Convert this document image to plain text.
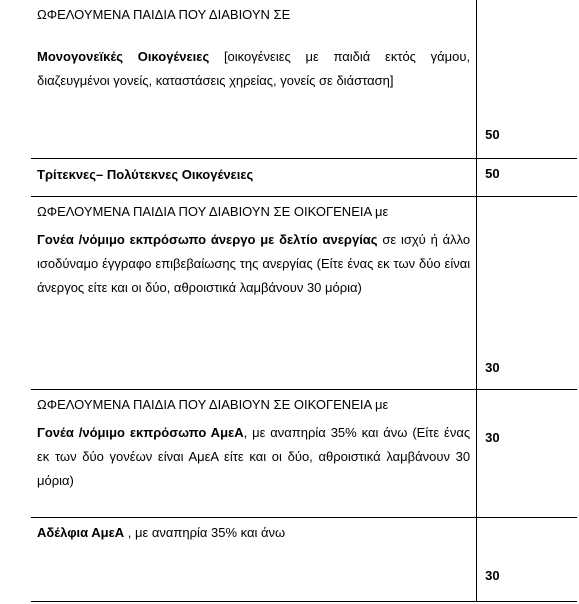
ΩΦΕΛΟΥΜΕΝΑ ΠΑΙΔΙΑ ΠΟΥ ΔΙΑΒΙΟΥΝ ΣΕ

Μονογονεϊκές Οικογένειες [οικογένειες με παιδιά εκτός γάμου, διαζευγμένοι γονείς, καταστάσεις χηρείας, γονείς σε διάσταση]	50

Τρίτεκνες– Πολύτεκνες Οικογένειες	50

ΩΦΕΛΟΥΜΕΝΑ ΠΑΙΔΙΑ ΠΟΥ ΔΙΑΒΙΟΥΝ ΣΕ ΟΙΚΟΓΕΝΕΙΑ με

Γονέα /νόμιμο εκπρόσωπο άνεργο με δελτίο ανεργίας σε ισχύ ή άλλο ισοδύναμο έγγραφο επιβεβαίωσης της ανεργίας (Είτε ένας εκ των δύο είναι άνεργος είτε και οι δύο, αθροιστικά λαμβάνουν 30 μόρια)	30

ΩΦΕΛΟΥΜΕΝΑ ΠΑΙΔΙΑ ΠΟΥ ΔΙΑΒΙΟΥΝ ΣΕ ΟΙΚΟΓΕΝΕΙΑ με

Γονέα /νόμιμο εκπρόσωπο ΑμεΑ, με αναπηρία 35% και άνω (Είτε ένας εκ των δύο γονέων είναι ΑμεΑ είτε και οι δύο, αθροιστικά λαμβάνουν 30 μόρια)	30

Αδέλφια ΑμεΑ , με αναπηρία 35% και άνω	30
